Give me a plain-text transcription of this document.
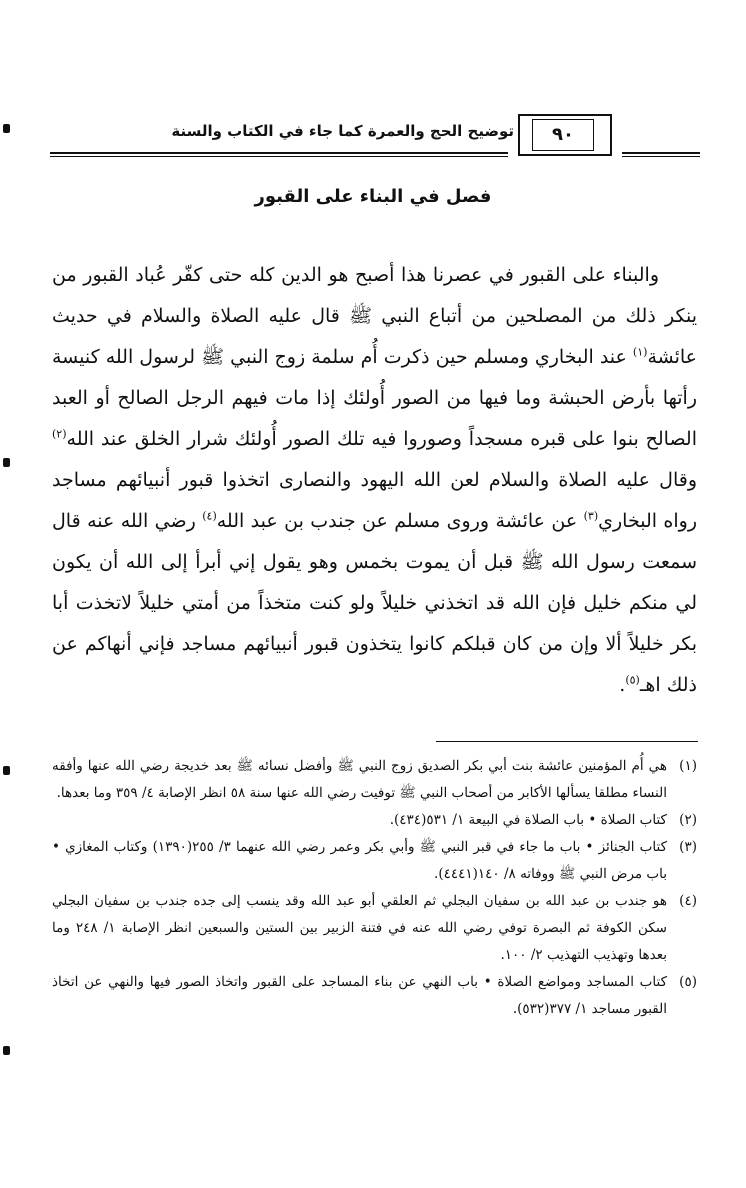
توضيح الحج والعمرة كما جاء في الكتاب والسنة	٩٠
فصل في البناء على القبور

والبناء على القبور في عصرنا هذا أصبح هو الدين كله حتى كفّر عُباد القبور من ينكر ذلك من المصلحين من أتباع النبي ﷺ قال عليه الصلاة والسلام في حديث عائشة$^{(١)}$ عند البخاري ومسلم حين ذكرت أُم سلمة زوج النبي ﷺ لرسول الله كنيسة رأتها بأرض الحبشة وما فيها من الصور أُولئك إذا مات فيهم الرجل الصالح أو العبد الصالح بنوا على قبره مسجداً وصوروا فيه تلك الصور أُولئك شرار الخلق عند الله$^{(٢)}$ وقال عليه الصلاة والسلام لعن الله اليهود والنصارى اتخذوا قبور أنبيائهم مساجد رواه البخاري$^{(٣)}$ عن عائشة وروى مسلم عن جندب بن عبد الله$^{(٤)}$ رضي الله عنه قال سمعت رسول الله ﷺ قبل أن يموت بخمس وهو يقول إني أبرأ إلى الله أن يكون لي منكم خليل فإن الله قد اتخذني خليلاً ولو كنت متخذاً من أمتي خليلاً لاتخذت أبا بكر خليلاً ألا وإن من كان قبلكم كانوا يتخذون قبور أنبيائهم مساجد فإني أنهاكم عن ذلك اهـ$^{(٥)}$.

(١)
هي أُم المؤمنين عائشة بنت أبي بكر الصديق زوج النبي ﷺ وأفضل نسائه ﷺ بعد خديجة رضي الله عنها وأفقه النساء مطلقا يسألها الأكابر من أصحاب النبي ﷺ توفيت رضي الله عنها سنة ٥٨ انظر الإصابة ٤/ ٣٥٩ وما بعدها.

(٢)
كتاب الصلاة • باب الصلاة في البيعة ١/ ٥٣١(٤٣٤).

(٣)
كتاب الجنائز • باب ما جاء في قبر النبي ﷺ وأبي بكر وعمر رضي الله عنهما ٣/ ٢٥٥(١٣٩٠) وكتاب المغازي • باب مرض النبي ﷺ ووفاته ٨/ ١٤٠(٤٤٤١).

(٤)
هو جندب بن عبد الله بن سفيان البجلي ثم العلقي أبو عبد الله وقد ينسب إلى جده جندب بن سفيان البجلي سكن الكوفة ثم البصرة توفي رضي الله عنه في فتنة الزبير بين الستين والسبعين انظر الإصابة ١/ ٢٤٨ وما بعدها وتهذيب التهذيب ٢/ ١٠٠.

(٥)
كتاب المساجد ومواضع الصلاة • باب النهي عن بناء المساجد على القبور واتخاذ الصور فيها والنهي عن اتخاذ القبور مساجد ١/ ٣٧٧(٥٣٢).
